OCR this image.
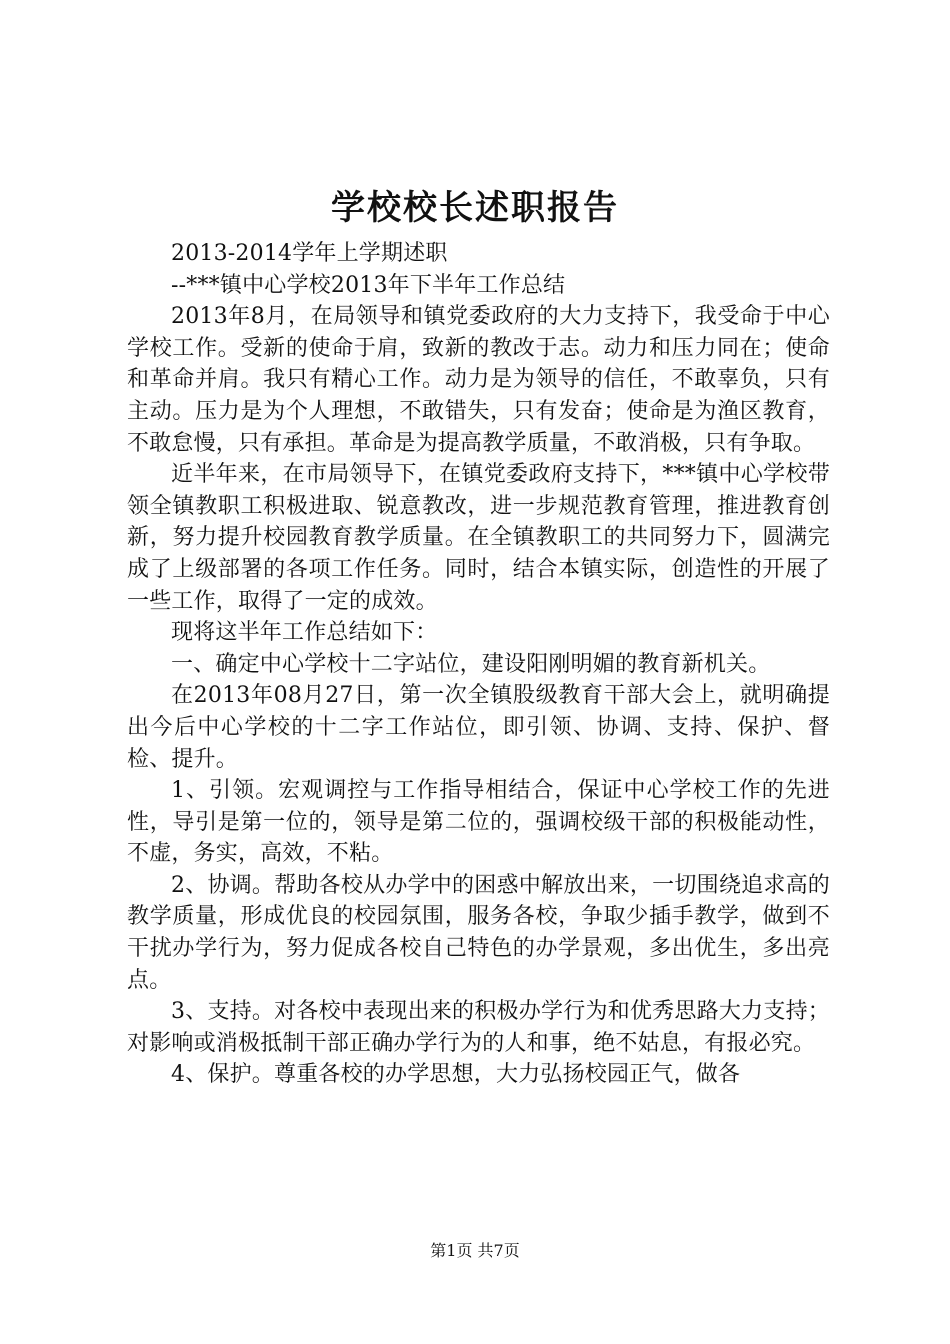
学校校长述职报告

2013-2014学年上学期述职

--***镇中心学校2013年下半年工作总结

2013年8月，在局领导和镇党委政府的大力支持下，我受命于中心学校工作。受新的使命于肩，致新的教改于志。动力和压力同在；使命和革命并肩。我只有精心工作。动力是为领导的信任，不敢辜负，只有主动。压力是为个人理想，不敢错失，只有发奋；使命是为渔区教育，不敢怠慢，只有承担。革命是为提高教学质量，不敢消极，只有争取。

近半年来，在市局领导下，在镇党委政府支持下，***镇中心学校带领全镇教职工积极进取、锐意教改，进一步规范教育管理，推进教育创新，努力提升校园教育教学质量。在全镇教职工的共同努力下，圆满完成了上级部署的各项工作任务。同时，结合本镇实际，创造性的开展了一些工作，取得了一定的成效。

现将这半年工作总结如下：

一、确定中心学校十二字站位，建设阳刚明媚的教育新机关。

在2013年08月27日，第一次全镇股级教育干部大会上，就明确提出今后中心学校的十二字工作站位，即引领、协调、支持、保护、督检、提升。

1、引领。宏观调控与工作指导相结合，保证中心学校工作的先进性，导引是第一位的，领导是第二位的，强调校级干部的积极能动性，不虚，务实，高效，不粘。

2、协调。帮助各校从办学中的困惑中解放出来，一切围绕追求高的教学质量，形成优良的校园氛围，服务各校，争取少插手教学，做到不干扰办学行为，努力促成各校自己特色的办学景观，多出优生，多出亮点。

3、支持。对各校中表现出来的积极办学行为和优秀思路大力支持；对影响或消极抵制干部正确办学行为的人和事，绝不姑息，有报必究。

4、保护。尊重各校的办学思想，大力弘扬校园正气，做各

第1页 共7页
